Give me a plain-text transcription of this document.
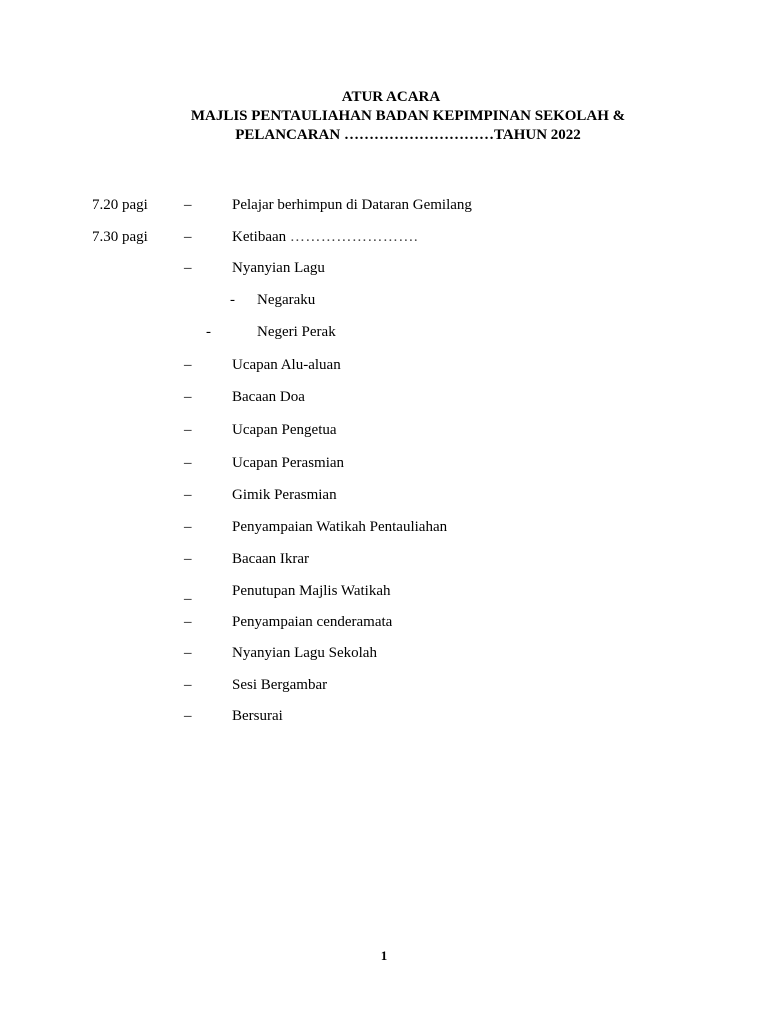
ATUR ACARA
MAJLIS PENTAULIAHAN BADAN KEPIMPINAN SEKOLAH &
PELANCARAN …………………………TAHUN 2022
7.20 pagi –	Pelajar berhimpun di Dataran Gemilang
7.30 pagi –	Ketibaan …………………….
–	Nyanyian Lagu
- Negaraku
-	Negeri Perak
–	Ucapan Alu-aluan
–	Bacaan Doa
–	Ucapan Pengetua
–	Ucapan Perasmian
–	Gimik Perasmian
–	Penyampaian Watikah Pentauliahan
–	Bacaan Ikrar
_	Penutupan Majlis Watikah
–	Penyampaian cenderamata
–	Nyanyian Lagu Sekolah
–	Sesi Bergambar
–	Bersurai
1
